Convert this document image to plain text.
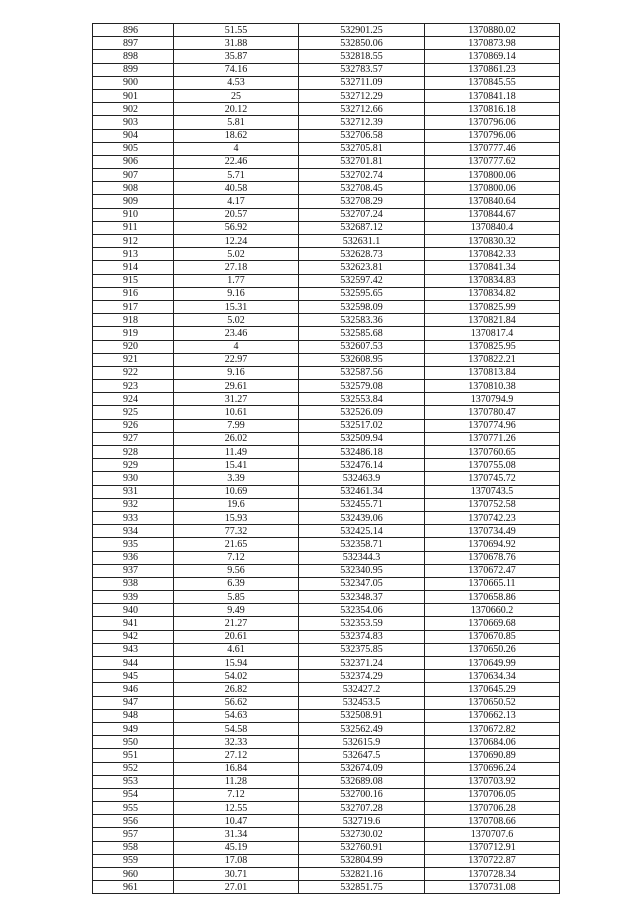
896	51.55	532901.25	1370880.02
897	31.88	532850.06	1370873.98
898	35.87	532818.55	1370869.14
899	74.16	532783.57	1370861.23
900	4.53	532711.09	1370845.55
901	25	532712.29	1370841.18
902	20.12	532712.66	1370816.18
903	5.81	532712.39	1370796.06
904	18.62	532706.58	1370796.06
905	4	532705.81	1370777.46
906	22.46	532701.81	1370777.62
907	5.71	532702.74	1370800.06
908	40.58	532708.45	1370800.06
909	4.17	532708.29	1370840.64
910	20.57	532707.24	1370844.67
911	56.92	532687.12	1370840.4
912	12.24	532631.1	1370830.32
913	5.02	532628.73	1370842.33
914	27.18	532623.81	1370841.34
915	1.77	532597.42	1370834.83
916	9.16	532595.65	1370834.82
917	15.31	532598.09	1370825.99
918	5.02	532583.36	1370821.84
919	23.46	532585.68	1370817.4
920	4	532607.53	1370825.95
921	22.97	532608.95	1370822.21
922	9.16	532587.56	1370813.84
923	29.61	532579.08	1370810.38
924	31.27	532553.84	1370794.9
925	10.61	532526.09	1370780.47
926	7.99	532517.02	1370774.96
927	26.02	532509.94	1370771.26
928	11.49	532486.18	1370760.65
929	15.41	532476.14	1370755.08
930	3.39	532463.9	1370745.72
931	10.69	532461.34	1370743.5
932	19.6	532455.71	1370752.58
933	15.93	532439.06	1370742.23
934	77.32	532425.14	1370734.49
935	21.65	532358.71	1370694.92
936	7.12	532344.3	1370678.76
937	9.56	532340.95	1370672.47
938	6.39	532347.05	1370665.11
939	5.85	532348.37	1370658.86
940	9.49	532354.06	1370660.2
941	21.27	532353.59	1370669.68
942	20.61	532374.83	1370670.85
943	4.61	532375.85	1370650.26
944	15.94	532371.24	1370649.99
945	54.02	532374.29	1370634.34
946	26.82	532427.2	1370645.29
947	56.62	532453.5	1370650.52
948	54.63	532508.91	1370662.13
949	54.58	532562.49	1370672.82
950	32.33	532615.9	1370684.06
951	27.12	532647.5	1370690.89
952	16.84	532674.09	1370696.24
953	11.28	532689.08	1370703.92
954	7.12	532700.16	1370706.05
955	12.55	532707.28	1370706.28
956	10.47	532719.6	1370708.66
957	31.34	532730.02	1370707.6
958	45.19	532760.91	1370712.91
959	17.08	532804.99	1370722.87
960	30.71	532821.16	1370728.34
961	27.01	532851.75	1370731.08
